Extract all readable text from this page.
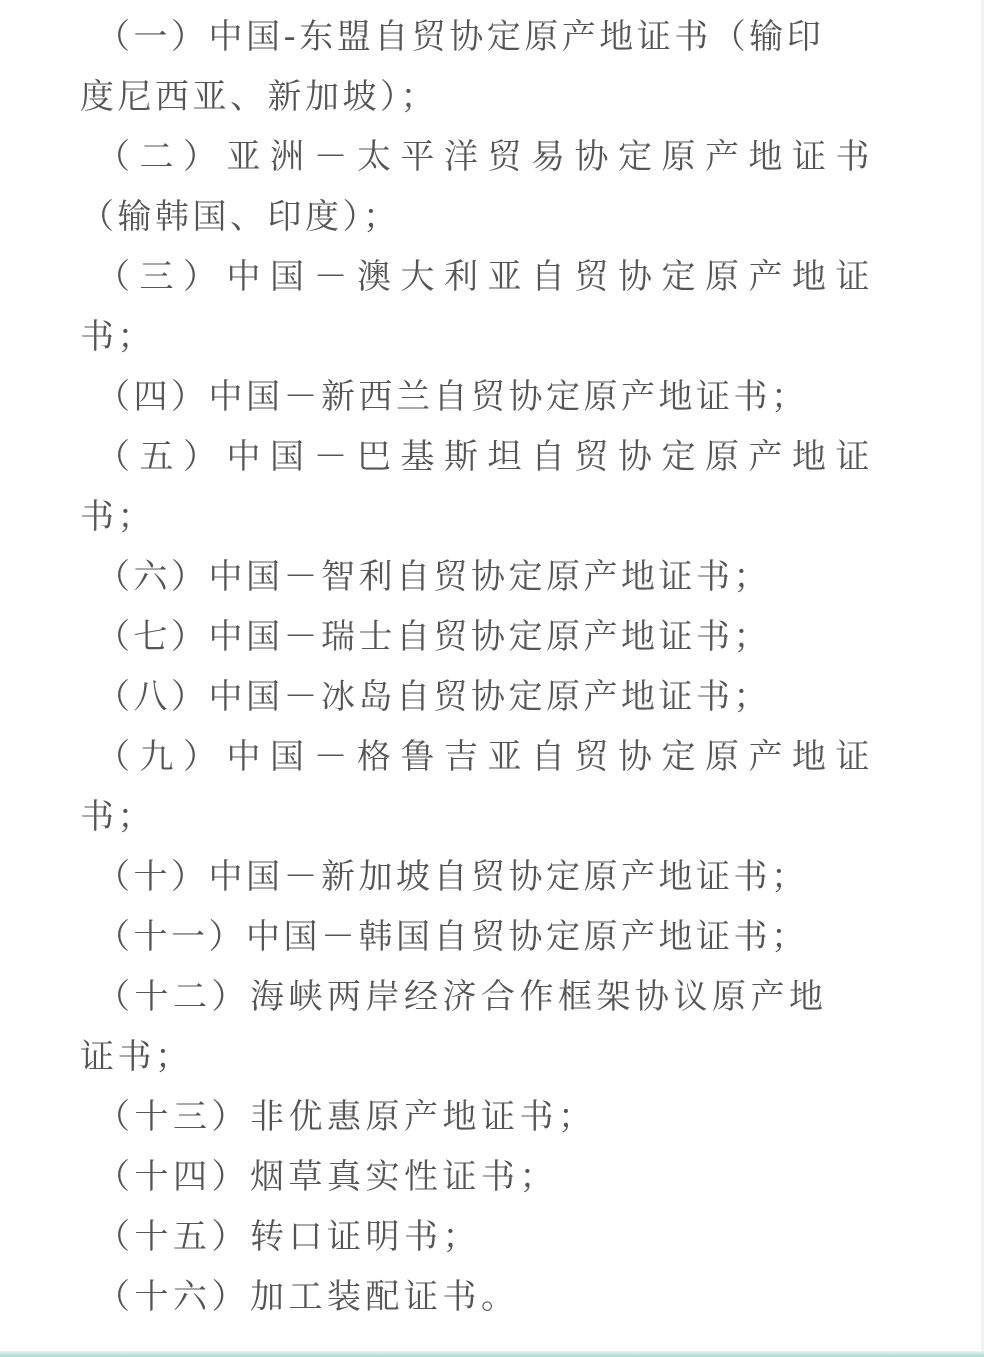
（一）中国-东盟自贸协定原产地证书（输印
度尼西亚、新加坡）；
（二）亚洲－太平洋贸易协定原产地证书
（输韩国、印度）；
（三）中国－澳大利亚自贸协定原产地证
书；
（四）中国－新西兰自贸协定原产地证书；
（五）中国－巴基斯坦自贸协定原产地证
书；
（六）中国－智利自贸协定原产地证书；
（七）中国－瑞士自贸协定原产地证书；
（八）中国－冰岛自贸协定原产地证书；
（九）中国－格鲁吉亚自贸协定原产地证
书；
（十）中国－新加坡自贸协定原产地证书；
（十一）中国－韩国自贸协定原产地证书；
（十二）海峡两岸经济合作框架协议原产地
证书；
（十三）非优惠原产地证书；
（十四）烟草真实性证书；
（十五）转口证明书；
（十六）加工装配证书。
